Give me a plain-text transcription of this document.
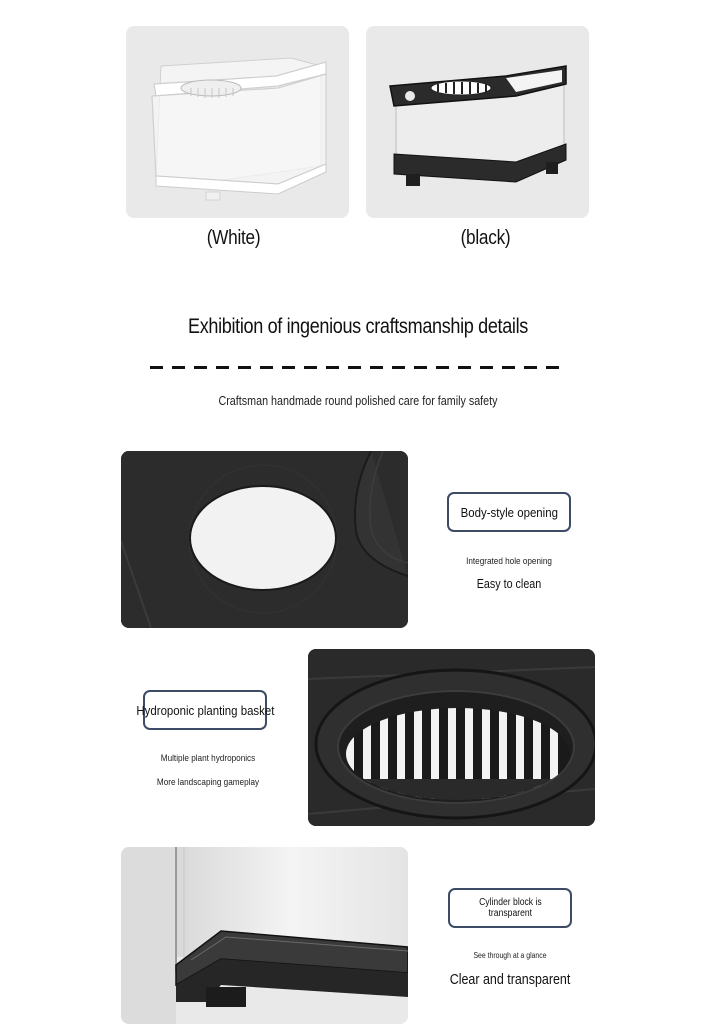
(White)	(black)
Exhibition of ingenious craftsmanship details
Craftsman handmade round polished care for family safety
Body-style opening
Integrated hole opening
Easy to clean
Hydroponic planting basket
Multiple plant hydroponics
More landscaping gameplay
Cylinder block is
transparent
See through at a glance
Clear and transparent
